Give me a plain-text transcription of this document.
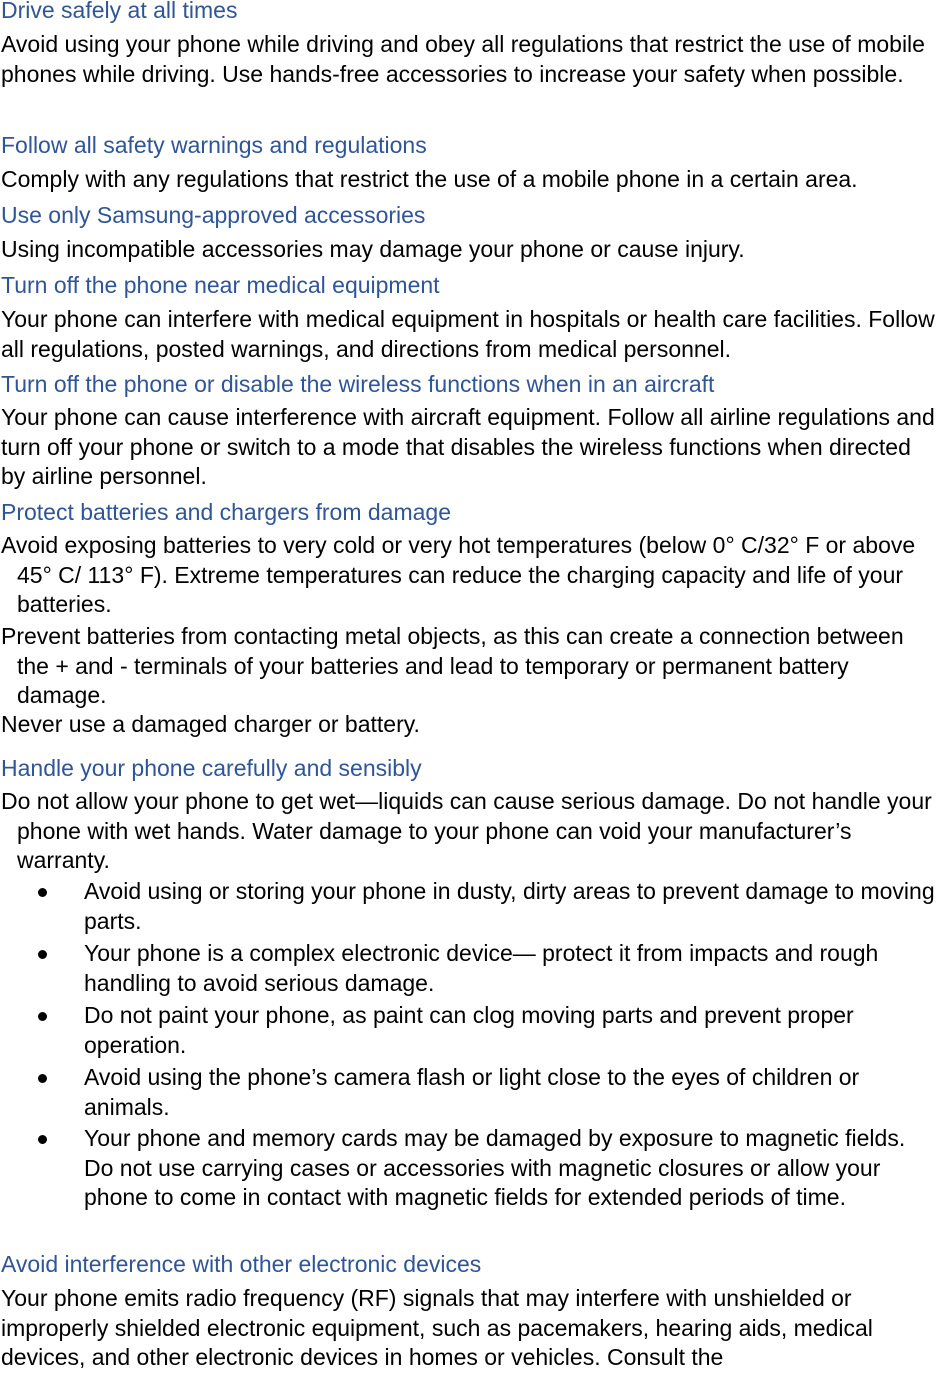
Drive safely at all times
Avoid using your phone while driving and obey all regulations that restrict the use of mobile phones while driving. Use hands-free accessories to increase your safety when possible.
Follow all safety warnings and regulations
Comply with any regulations that restrict the use of a mobile phone in a certain area.
Use only Samsung-approved accessories
Using incompatible accessories may damage your phone or cause injury.
Turn off the phone near medical equipment
Your phone can interfere with medical equipment in hospitals or health care facilities. Follow all regulations, posted warnings, and directions from medical personnel.
Turn off the phone or disable the wireless functions when in an aircraft
Your phone can cause interference with aircraft equipment. Follow all airline regulations and turn off your phone or switch to a mode that disables the wireless functions when directed by airline personnel.
Protect batteries and chargers from damage
Avoid exposing batteries to very cold or very hot temperatures (below 0° C/32° F or above 45° C/ 113° F). Extreme temperatures can reduce the charging capacity and life of your batteries.
Prevent batteries from contacting metal objects, as this can create a connection between the + and - terminals of your batteries and lead to temporary or permanent battery damage.
Never use a damaged charger or battery.
Handle your phone carefully and sensibly
Do not allow your phone to get wet—liquids can cause serious damage. Do not handle your phone with wet hands. Water damage to your phone can void your manufacturer’s warranty.
Avoid using or storing your phone in dusty, dirty areas to prevent damage to moving parts.
Your phone is a complex electronic device— protect it from impacts and rough handling to avoid serious damage.
Do not paint your phone, as paint can clog moving parts and prevent proper operation.
Avoid using the phone’s camera flash or light close to the eyes of children or animals.
Your phone and memory cards may be damaged by exposure to magnetic fields. Do not use carrying cases or accessories with magnetic closures or allow your phone to come in contact with magnetic fields for extended periods of time.
Avoid interference with other electronic devices
Your phone emits radio frequency (RF) signals that may interfere with unshielded or improperly shielded electronic equipment, such as pacemakers, hearing aids, medical devices, and other electronic devices in homes or vehicles. Consult the
